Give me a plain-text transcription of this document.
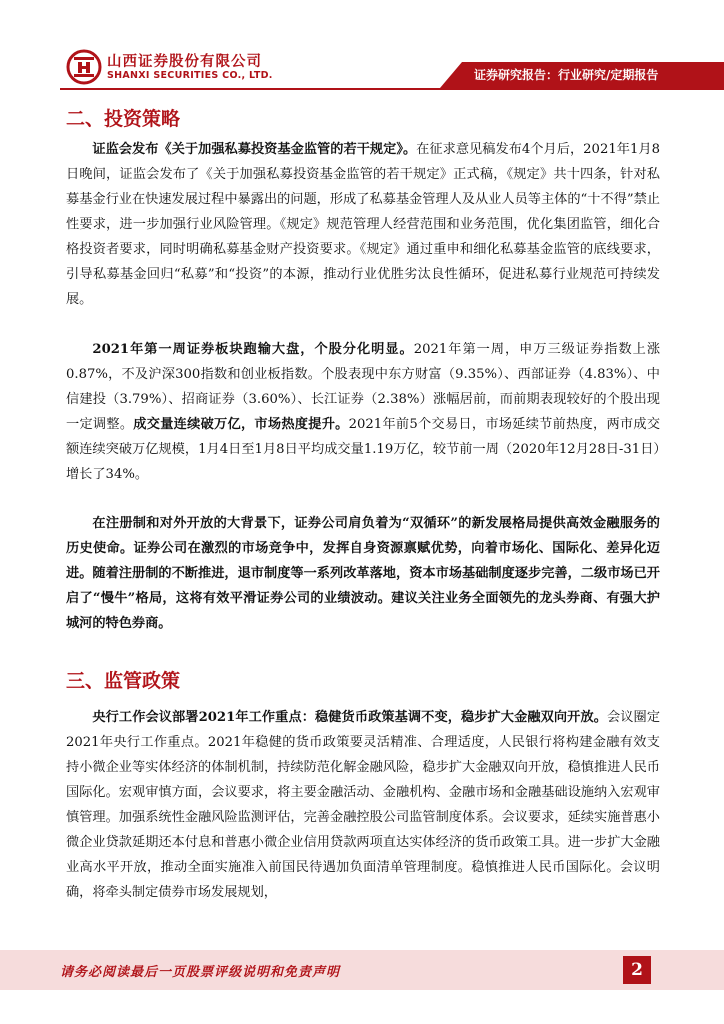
山西证券股份有限公司
SHANXI SECURITIES CO., LTD.	证券研究报告：行业研究/定期报告
二、投资策略

证监会发布《关于加强私募投资基金监管的若干规定》。在征求意见稿发布4个月后，2021年1月8日晚间，证监会发布了《关于加强私募投资基金监管的若干规定》正式稿，《规定》共十四条，针对私募基金行业在快速发展过程中暴露出的问题，形成了私募基金管理人及从业人员等主体的“十不得”禁止性要求，进一步加强行业风险管理。《规定》规范管理人经营范围和业务范围，优化集团监管，细化合格投资者要求，同时明确私募基金财产投资要求。《规定》通过重申和细化私募基金监管的底线要求，引导私募基金回归“私募”和“投资”的本源，推动行业优胜劣汰良性循环，促进私募行业规范可持续发展。

2021年第一周证券板块跑输大盘，个股分化明显。2021年第一周，申万三级证券指数上涨0.87%，不及沪深300指数和创业板指数。个股表现中东方财富（9.35%）、西部证券（4.83%）、中信建投（3.79%）、招商证券（3.60%）、长江证券（2.38%）涨幅居前，而前期表现较好的个股出现一定调整。成交量连续破万亿，市场热度提升。2021年前5个交易日，市场延续节前热度，两市成交额连续突破万亿规模，1月4日至1月8日平均成交量1.19万亿，较节前一周（2020年12月28日-31日）增长了34%。

在注册制和对外开放的大背景下，证券公司肩负着为“双循环”的新发展格局提供高效金融服务的历史使命。证券公司在激烈的市场竞争中，发挥自身资源禀赋优势，向着市场化、国际化、差异化迈进。随着注册制的不断推进，退市制度等一系列改革落地，资本市场基础制度逐步完善，二级市场已开启了“慢牛”格局，这将有效平滑证券公司的业绩波动。建议关注业务全面领先的龙头券商、有强大护城河的特色券商。

三、监管政策

央行工作会议部署2021年工作重点：稳健货币政策基调不变，稳步扩大金融双向开放。会议圈定2021年央行工作重点。2021年稳健的货币政策要灵活精准、合理适度，人民银行将构建金融有效支持小微企业等实体经济的体制机制，持续防范化解金融风险，稳步扩大金融双向开放，稳慎推进人民币国际化。宏观审慎方面，会议要求，将主要金融活动、金融机构、金融市场和金融基础设施纳入宏观审慎管理。加强系统性金融风险监测评估，完善金融控股公司监管制度体系。会议要求，延续实施普惠小微企业贷款延期还本付息和普惠小微企业信用贷款两项直达实体经济的货币政策工具。进一步扩大金融业高水平开放，推动全面实施准入前国民待遇加负面清单管理制度。稳慎推进人民币国际化。会议明确，将牵头制定债券市场发展规划，

请务必阅读最后一页股票评级说明和免责声明	2
